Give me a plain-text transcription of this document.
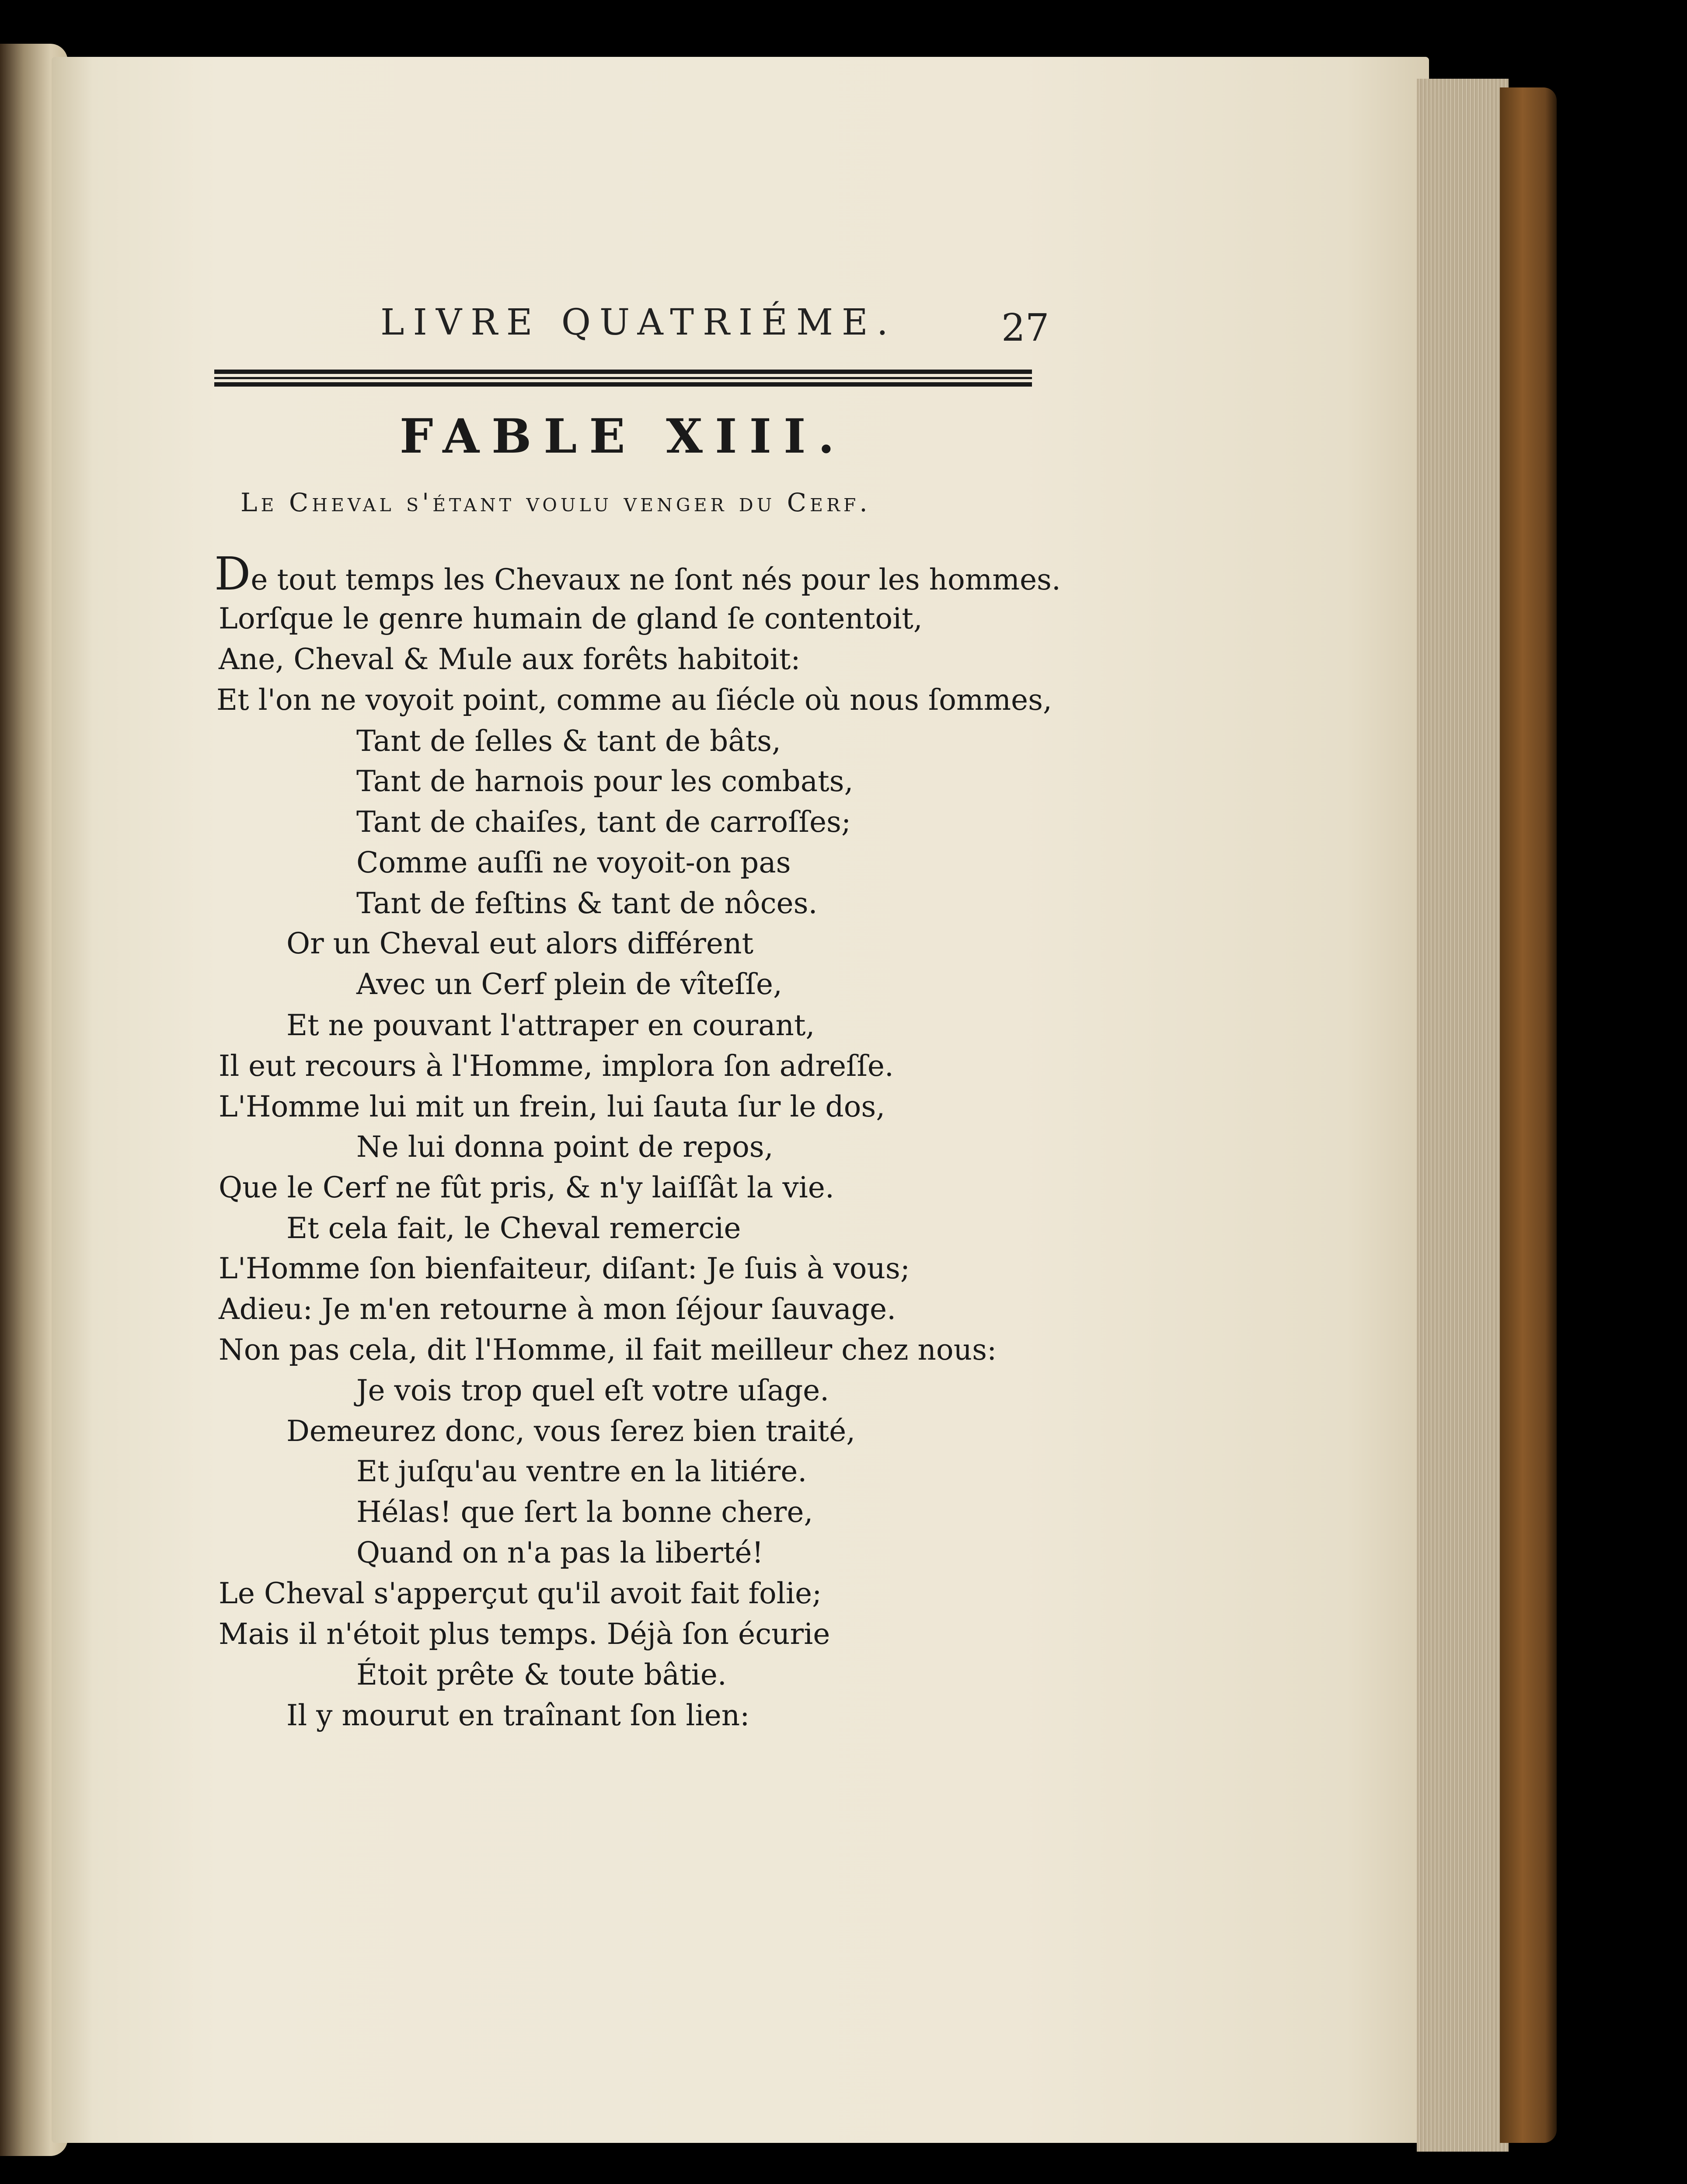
LIVRE QUATRIÉME.	27
FABLE XIII.
Le Cheval s'étant voulu venger du Cerf.
De tout temps les Chevaux ne ſont nés pour les hommes.
Lorſque le genre humain de gland ſe contentoit,
Ane, Cheval & Mule aux forêts habitoit:
Et l'on ne voyoit point, comme au ſiécle où nous ſommes,
Tant de ſelles & tant de bâts,
Tant de harnois pour les combats,
Tant de chaiſes, tant de carroſſes;
Comme auſſi ne voyoit-on pas
Tant de feſtins & tant de nôces.
Or un Cheval eut alors différent
Avec un Cerf plein de vîteſſe,
Et ne pouvant l'attraper en courant,
Il eut recours à l'Homme, implora ſon adreſſe.
L'Homme lui mit un frein, lui ſauta ſur le dos,
Ne lui donna point de repos,
Que le Cerf ne fût pris, & n'y laiſſât la vie.
Et cela fait, le Cheval remercie
L'Homme ſon bienfaiteur, diſant: Je ſuis à vous;
Adieu: Je m'en retourne à mon ſéjour ſauvage.
Non pas cela, dit l'Homme, il fait meilleur chez nous:
Je vois trop quel eſt votre uſage.
Demeurez donc, vous ſerez bien traité,
Et juſqu'au ventre en la litiére.
Hélas! que ſert la bonne chere,
Quand on n'a pas la liberté!
Le Cheval s'apperçut qu'il avoit fait folie;
Mais il n'étoit plus temps. Déjà ſon écurie
Étoit prête & toute bâtie.
Il y mourut en traînant ſon lien:
